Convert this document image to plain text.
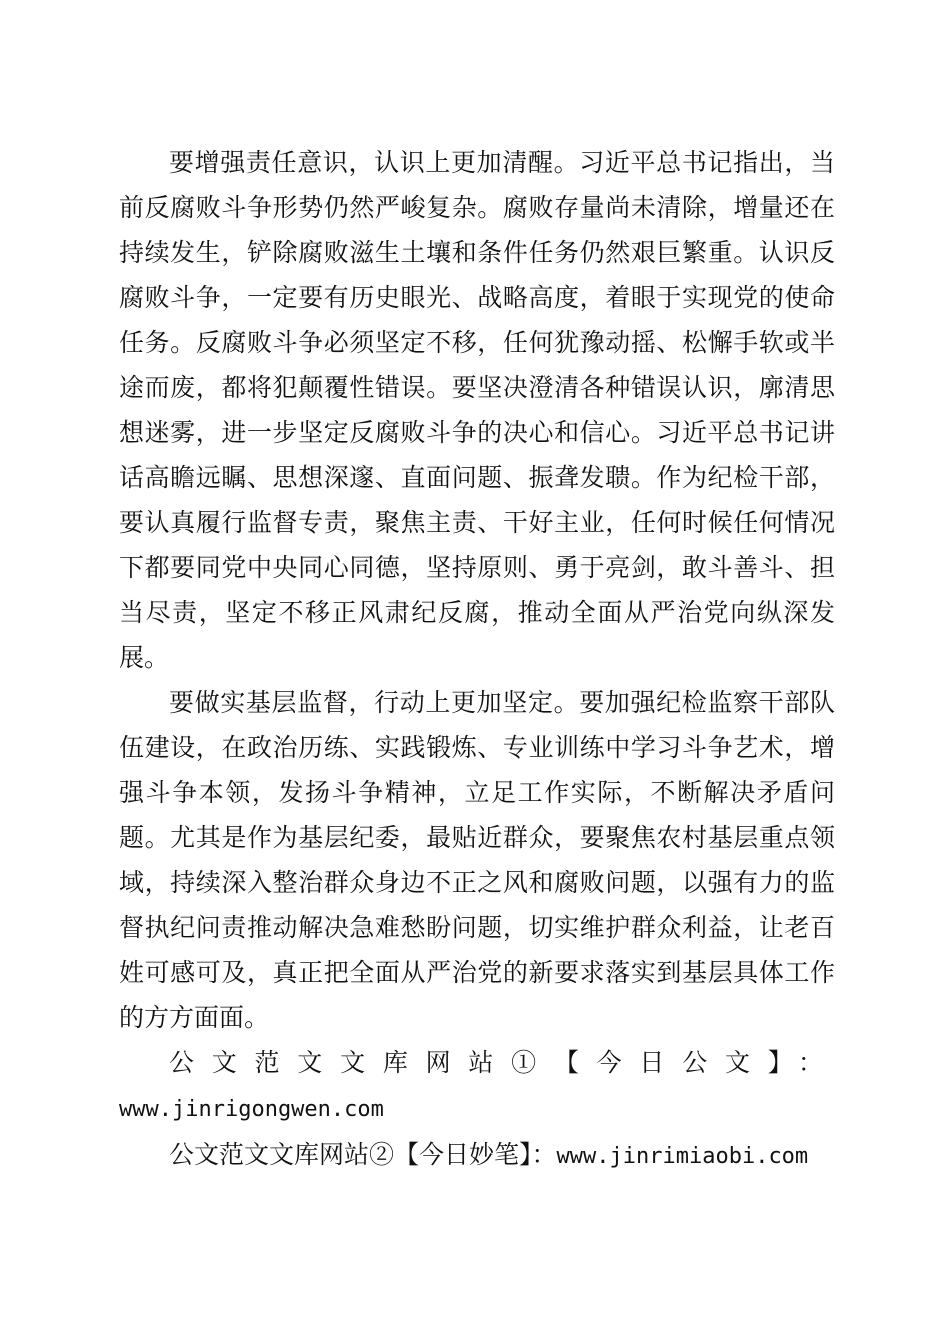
要增强责任意识，认识上更加清醒。习近平总书记指出，当前反腐败斗争形势仍然严峻复杂。腐败存量尚未清除，增量还在持续发生，铲除腐败滋生土壤和条件任务仍然艰巨繁重。认识反腐败斗争，一定要有历史眼光、战略高度，着眼于实现党的使命任务。反腐败斗争必须坚定不移，任何犹豫动摇、松懈手软或半途而废，都将犯颠覆性错误。要坚决澄清各种错误认识，廓清思想迷雾，进一步坚定反腐败斗争的决心和信心。习近平总书记讲话高瞻远瞩、思想深邃、直面问题、振聋发聩。作为纪检干部，要认真履行监督专责，聚焦主责、干好主业，任何时候任何情况下都要同党中央同心同德，坚持原则、勇于亮剑，敢斗善斗、担当尽责，坚定不移正风肃纪反腐，推动全面从严治党向纵深发展。

要做实基层监督，行动上更加坚定。要加强纪检监察干部队伍建设，在政治历练、实践锻炼、专业训练中学习斗争艺术，增强斗争本领，发扬斗争精神，立足工作实际，不断解决矛盾问题。尤其是作为基层纪委，最贴近群众，要聚焦农村基层重点领域，持续深入整治群众身边不正之风和腐败问题，以强有力的监督执纪问责推动解决急难愁盼问题，切实维护群众利益，让老百姓可感可及，真正把全面从严治党的新要求落实到基层具体工作的方方面面。

公文范文文库网站①【今日公文】：www.jinrigongwen.com

公文范文文库网站②【今日妙笔】：www.jinrimiaobi.com
